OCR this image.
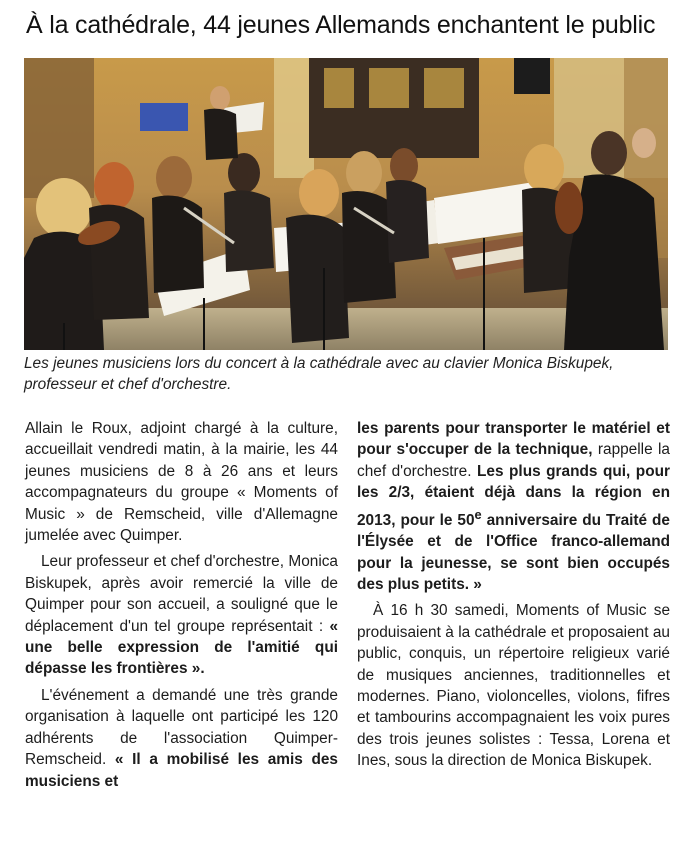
À la cathédrale, 44 jeunes Allemands enchantent le public
Les jeunes musiciens lors du concert à la cathédrale avec au clavier Monica Biskupek, professeur et chef d'orchestre.

Allain le Roux, adjoint chargé à la culture, accueillait vendredi matin, à la mairie, les 44 jeunes musiciens de 8 à 26 ans et leurs accompagnateurs du groupe « Moments of Music » de Remscheid, ville d'Allemagne jumelée avec Quimper.

Leur professeur et chef d'orchestre, Monica Biskupek, après avoir remercié la ville de Quimper pour son accueil, a souligné que le déplacement d'un tel groupe représentait : « une belle expression de l'amitié qui dépasse les frontières ».

L'événement a demandé une très grande organisation à laquelle ont participé les 120 adhérents de l'association Quimper-Remscheid. « Il a mobilisé les amis des musiciens et

les parents pour transporter le matériel et pour s'occuper de la technique, rappelle la chef d'orchestre. Les plus grands qui, pour les 2/3, étaient déjà dans la région en 2013, pour le 50e anniversaire du Traité de l'Élysée et de l'Office franco-allemand pour la jeunesse, se sont bien occupés des plus petits. »

À 16 h 30 samedi, Moments of Music se produisaient à la cathédrale et proposaient au public, conquis, un répertoire religieux varié de musiques anciennes, traditionnelles et modernes. Piano, violoncelles, violons, fifres et tambourins accompagnaient les voix pures des trois jeunes solistes : Tessa, Lorena et Ines, sous la direction de Monica Biskupek.
